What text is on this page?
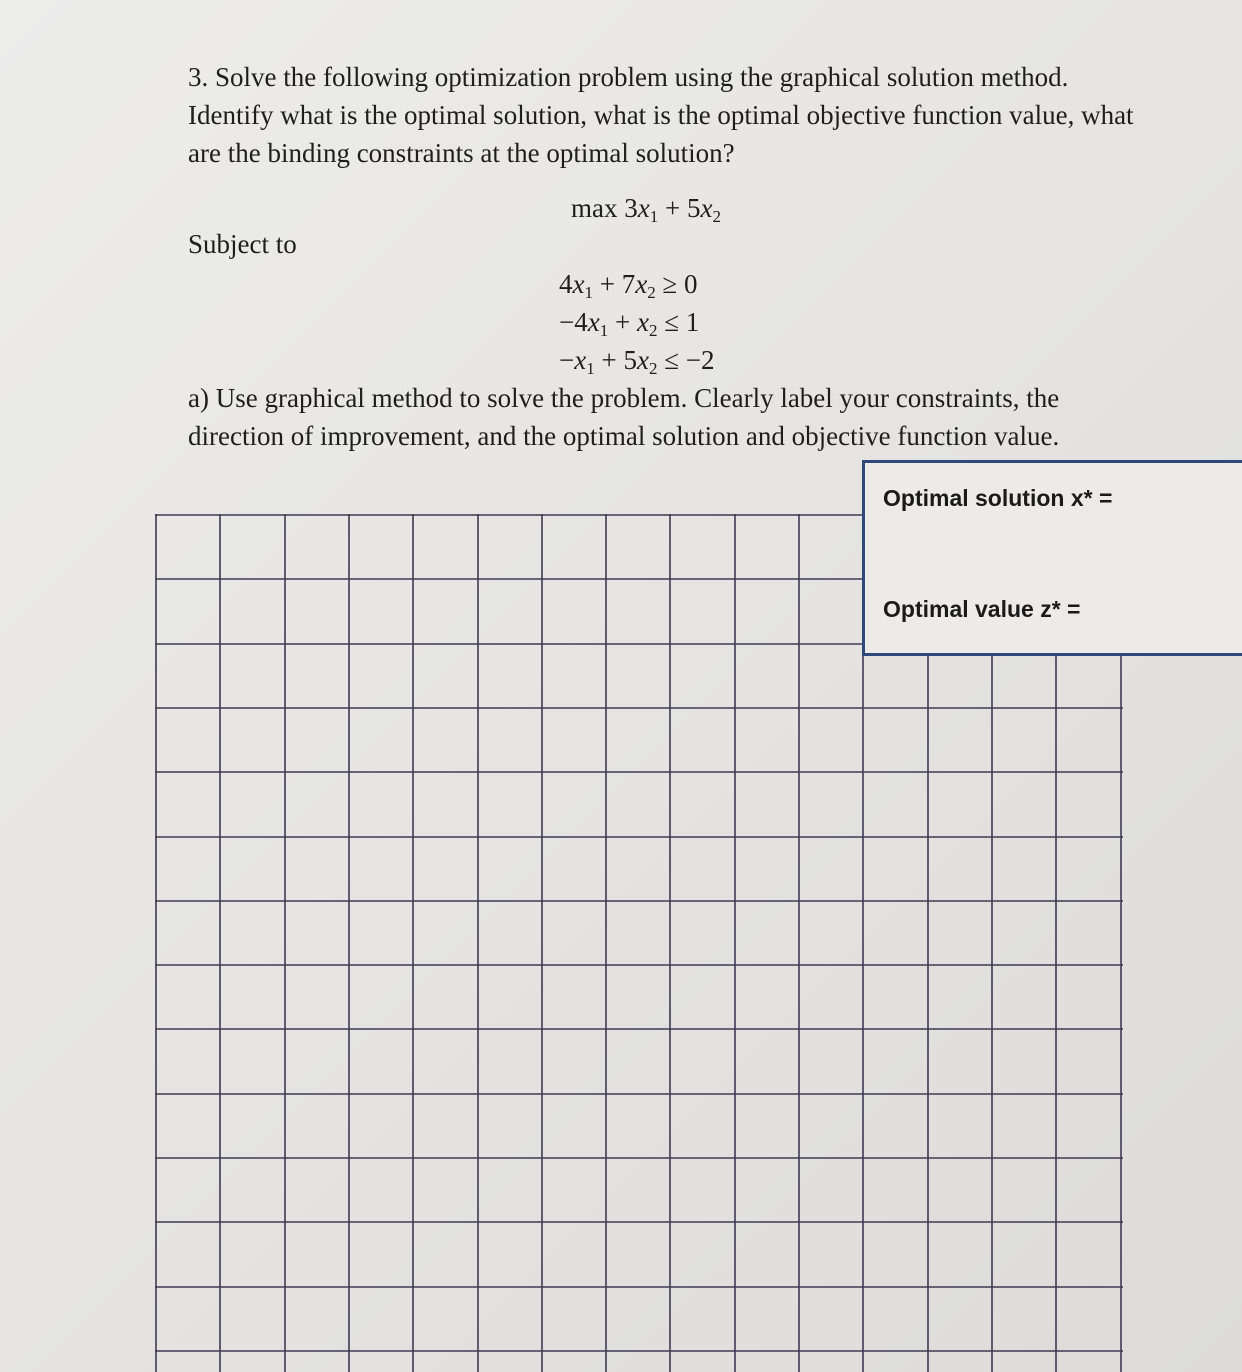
3. Solve the following optimization problem using the graphical solution method. Identify what is the optimal solution, what is the optimal objective function value, what are the binding constraints at the optimal solution?

$\max 3x_1 + 5x_2$
Subject to
$4x_1 + 7x_2 \ge 0$
$-4x_1 + x_2 \le 1$
$-x_1 + 5x_2 \le -2$

a) Use graphical method to solve the problem. Clearly label your constraints, the direction of improvement, and the optimal solution and objective function value.

Optimal solution x* =
Optimal value z* =
